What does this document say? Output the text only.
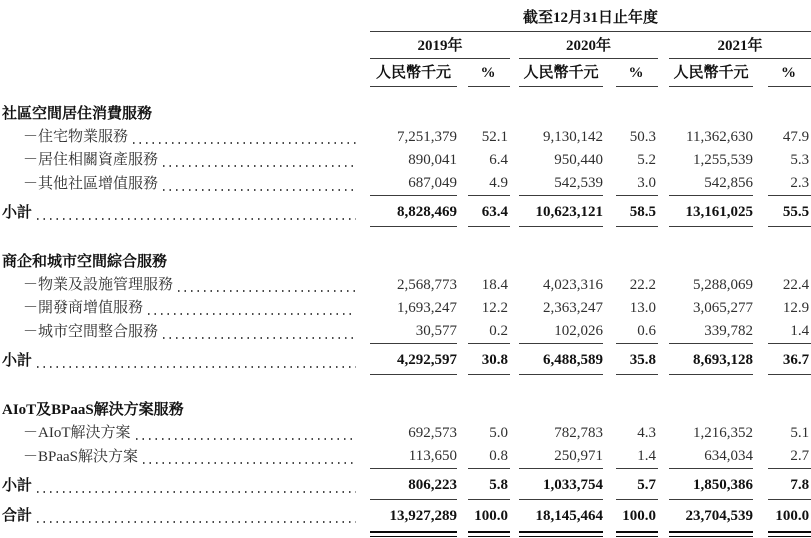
	截至12月31日止年度					

	2019年		2020年		2021年	

	人民幣千元	%	人民幣千元	%	人民幣千元	%

社區空間居住消費服務						

－住宅物業服務	7,251,379	52.1	9,130,142	50.3	11,362,630	47.9

－居住相關資產服務	890,041	6.4	950,440	5.2	1,255,539	5.3

－其他社區增值服務	687,049	4.9	542,539	3.0	542,856	2.3

小計	8,828,469	63.4	10,623,121	58.5	13,161,025	55.5

商企和城市空間綜合服務						

－物業及設施管理服務	2,568,773	18.4	4,023,316	22.2	5,288,069	22.4

－開發商增值服務	1,693,247	12.2	2,363,247	13.0	3,065,277	12.9

－城市空間整合服務	30,577	0.2	102,026	0.6	339,782	1.4

小計	4,292,597	30.8	6,488,589	35.8	8,693,128	36.7

AIoT及BPaaS解決方案服務						

－AIoT解決方案	692,573	5.0	782,783	4.3	1,216,352	5.1

－BPaaS解決方案	113,650	0.8	250,971	1.4	634,034	2.7

小計	806,223	5.8	1,033,754	5.7	1,850,386	7.8

合計	13,927,289	100.0	18,145,464	100.0	23,704,539	100.0
